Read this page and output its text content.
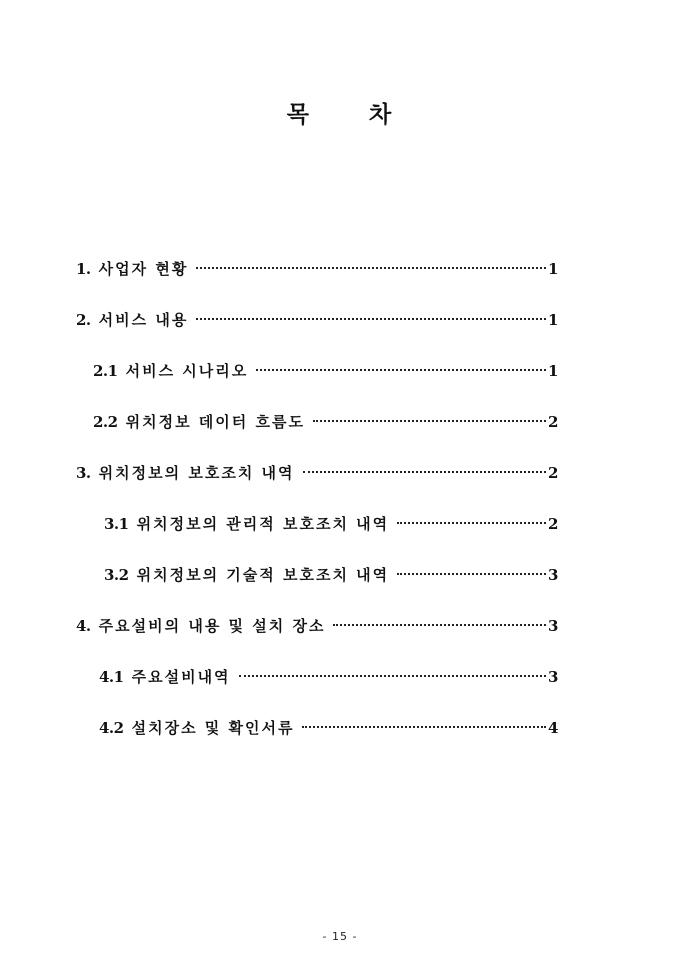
목	차
1. 사업자 현황	1
2. 서비스 내용	1
2.1 서비스 시나리오	1
2.2 위치정보 데이터 흐름도	2
3. 위치정보의 보호조치 내역	2
3.1 위치정보의 관리적 보호조치 내역	2
3.2 위치정보의 기술적 보호조치 내역	3
4. 주요설비의 내용 및 설치 장소	3
4.1 주요설비내역	3
4.2 설치장소 및 확인서류	4
- 15 -
